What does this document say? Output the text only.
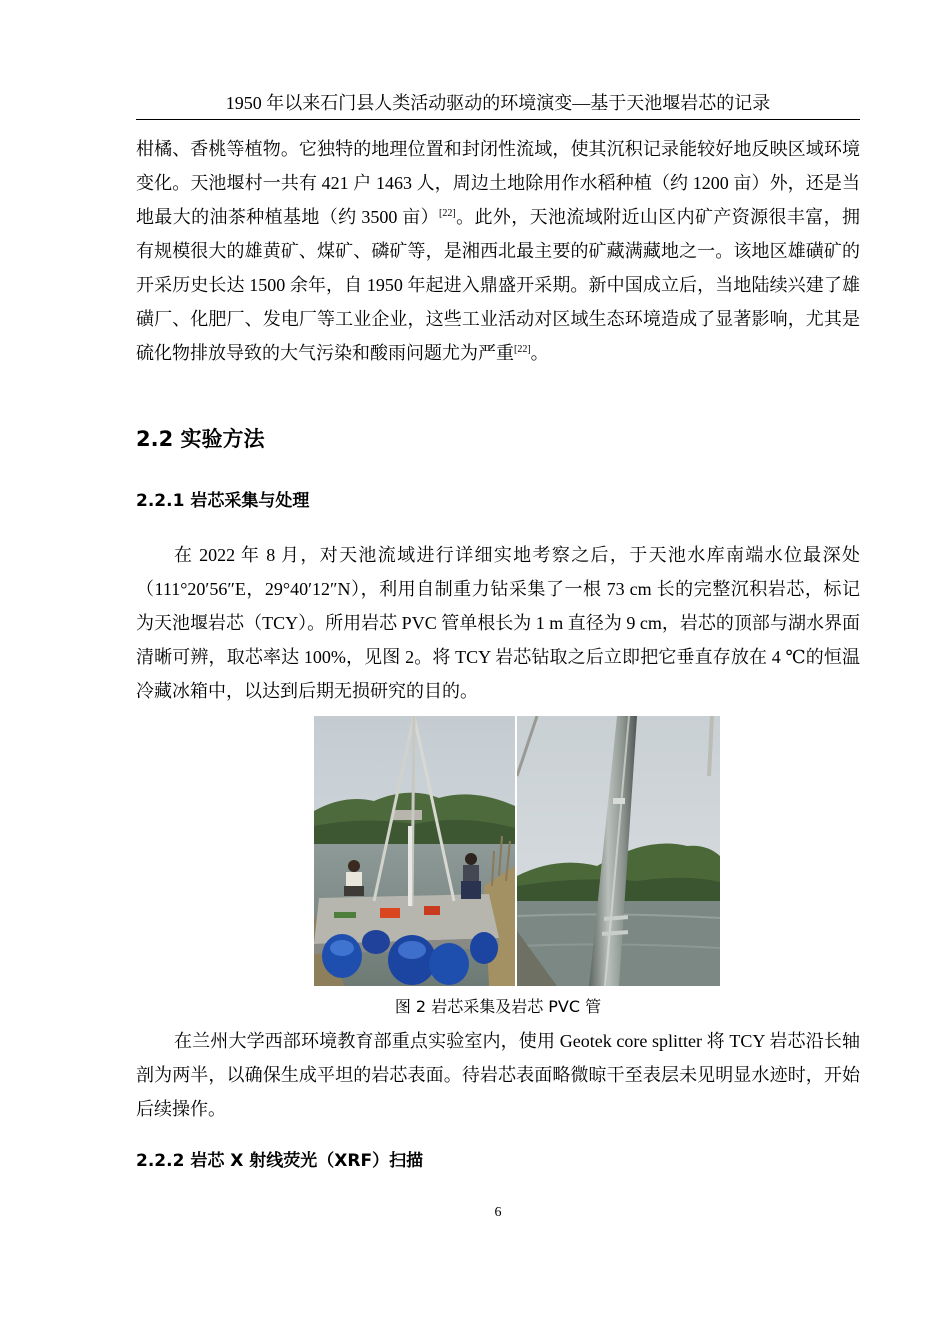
1950 年以来石门县人类活动驱动的环境演变—基于天池堰岩芯的记录

柑橘、香桃等植物。它独特的地理位置和封闭性流域，使其沉积记录能较好地反映区域环境变化。天池堰村一共有 421 户 1463 人，周边土地除用作水稻种植（约 1200 亩）外，还是当地最大的油茶种植基地（约 3500 亩）[22]。此外，天池流域附近山区内矿产资源很丰富，拥有规模很大的雄黄矿、煤矿、磷矿等，是湘西北最主要的矿藏满藏地之一。该地区雄磺矿的开采历史长达 1500 余年，自 1950 年起进入鼎盛开采期。新中国成立后，当地陆续兴建了雄磺厂、化肥厂、发电厂等工业企业，这些工业活动对区域生态环境造成了显著影响，尤其是硫化物排放导致的大气污染和酸雨问题尤为严重[22]。

2.2 实验方法
2.2.1 岩芯采集与处理

在 2022 年 8 月，对天池流域进行详细实地考察之后，于天池水库南端水位最深处（111°20′56″E，29°40′12″N），利用自制重力钻采集了一根 73 cm 长的完整沉积岩芯，标记为天池堰岩芯（TCY）。所用岩芯 PVC 管单根长为 1 m 直径为 9 cm，岩芯的顶部与湖水界面清晰可辨，取芯率达 100%，见图 2。将 TCY 岩芯钻取之后立即把它垂直存放在 4 ℃的恒温冷藏冰箱中，以达到后期无损研究的目的。

图 2 岩芯采集及岩芯 PVC 管

在兰州大学西部环境教育部重点实验室内，使用 Geotek core splitter 将 TCY 岩芯沿长轴剖为两半，以确保生成平坦的岩芯表面。待岩芯表面略微晾干至表层未见明显水迹时，开始后续操作。

2.2.2 岩芯 X 射线荧光（XRF）扫描
6
